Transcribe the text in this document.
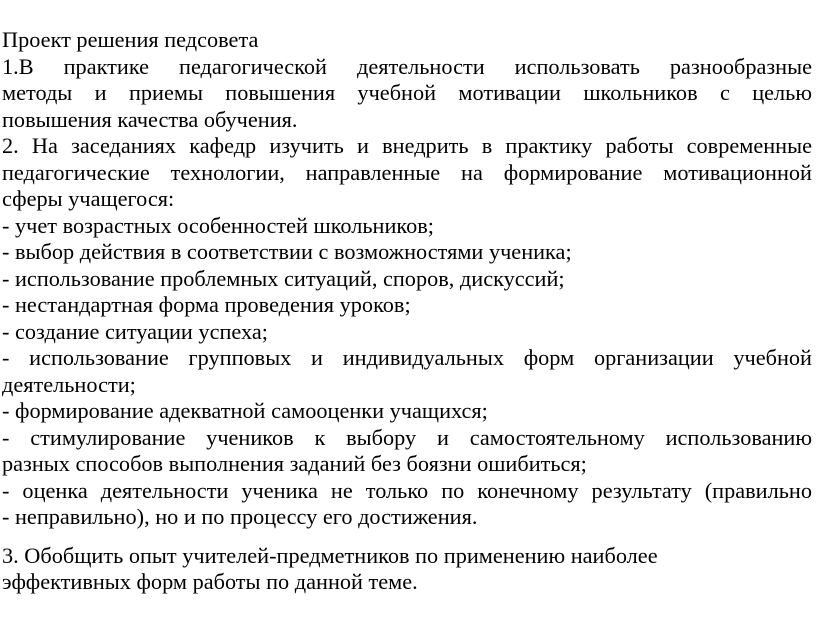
Проект решения педсовета
1.В практике педагогической деятельности использовать разнообразные
методы и приемы повышения учебной мотивации школьников с целью
повышения качества обучения.
2. На заседаниях кафедр изучить и внедрить в практику работы современные
педагогические технологии, направленные на формирование мотивационной
сферы учащегося:
- учет возрастных особенностей школьников;
- выбор действия в соответствии с возможностями ученика;
- использование проблемных ситуаций, споров, дискуссий;
- нестандартная форма проведения уроков;
- создание ситуации успеха;
- использование групповых и индивидуальных форм организации учебной
деятельности;
- формирование адекватной самооценки учащихся;
- стимулирование учеников к выбору и самостоятельному использованию
разных способов выполнения заданий без боязни ошибиться;
- оценка деятельности ученика не только по конечному результату (правильно
- неправильно), но и по процессу его достижения.
3. Обобщить опыт учителей-предметников по применению наиболее
эффективных форм работы по данной теме.
